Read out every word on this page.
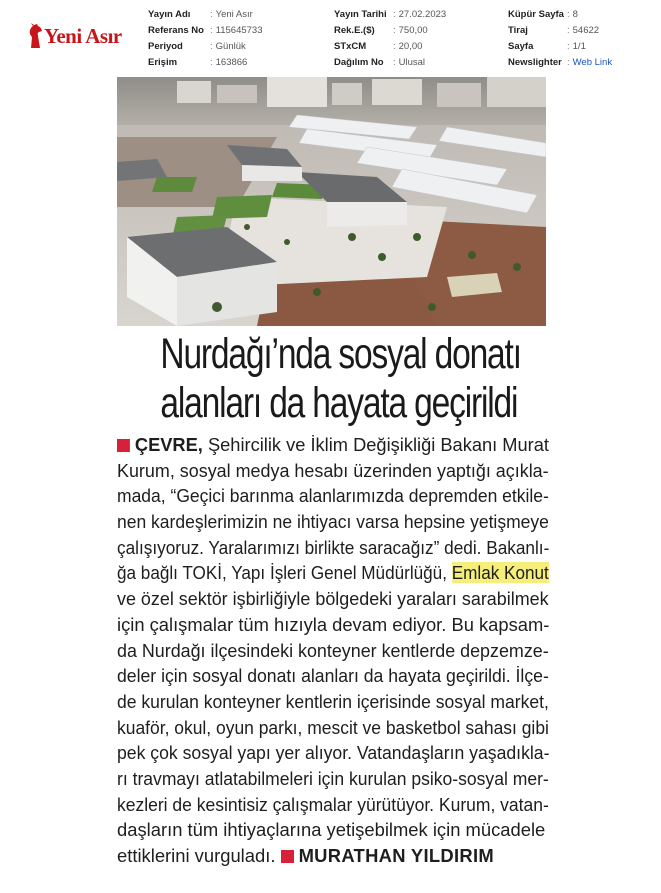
Yeni Asır
Yayın Adı	: Yeni Asır
Referans No : 115645733
Periyod	: Günlük
Erişim	: 163866
Yayın Tarihi : 27.02.2023
Rek.E.($)	: 750,00
STxCM	: 20,00
Dağılım No : Ulusal
Küpür Sayfa : 8
Tiraj	: 54622
Sayfa	: 1/1
Newslighter : Web Link
Nurdağı’nda sosyal donatı
alanları da hayata geçirildi
ÇEVRE, Şehircilik ve İklim Değişikliği Bakanı Murat
Kurum, sosyal medya hesabı üzerinden yaptığı açıkla-
mada, “Geçici barınma alanlarımızda depremden etkile-
nen kardeşlerimizin ne ihtiyacı varsa hepsine yetişmeye
çalışıyoruz. Yaralarımızı birlikte saracağız” dedi. Bakanlı-
ğa bağlı TOKİ, Yapı İşleri Genel Müdürlüğü, Emlak Konut
ve özel sektör işbirliğiyle bölgedeki yaraları sarabilmek
için çalışmalar tüm hızıyla devam ediyor. Bu kapsam-
da Nurdağı ilçesindeki konteyner kentlerde depzemze-
deler için sosyal donatı alanları da hayata geçirildi. İlçe-
de kurulan konteyner kentlerin içerisinde sosyal market,
kuaför, okul, oyun parkı, mescit ve basketbol sahası gibi
pek çok sosyal yapı yer alıyor. Vatandaşların yaşadıkla-
rı travmayı atlatabilmeleri için kurulan psiko-sosyal mer-
kezleri de kesintisiz çalışmalar yürütüyor. Kurum, vatan-
daşların tüm ihtiyaçlarına yetişebilmek için mücadele
ettiklerini vurguladı. MURATHAN YILDIRIM
